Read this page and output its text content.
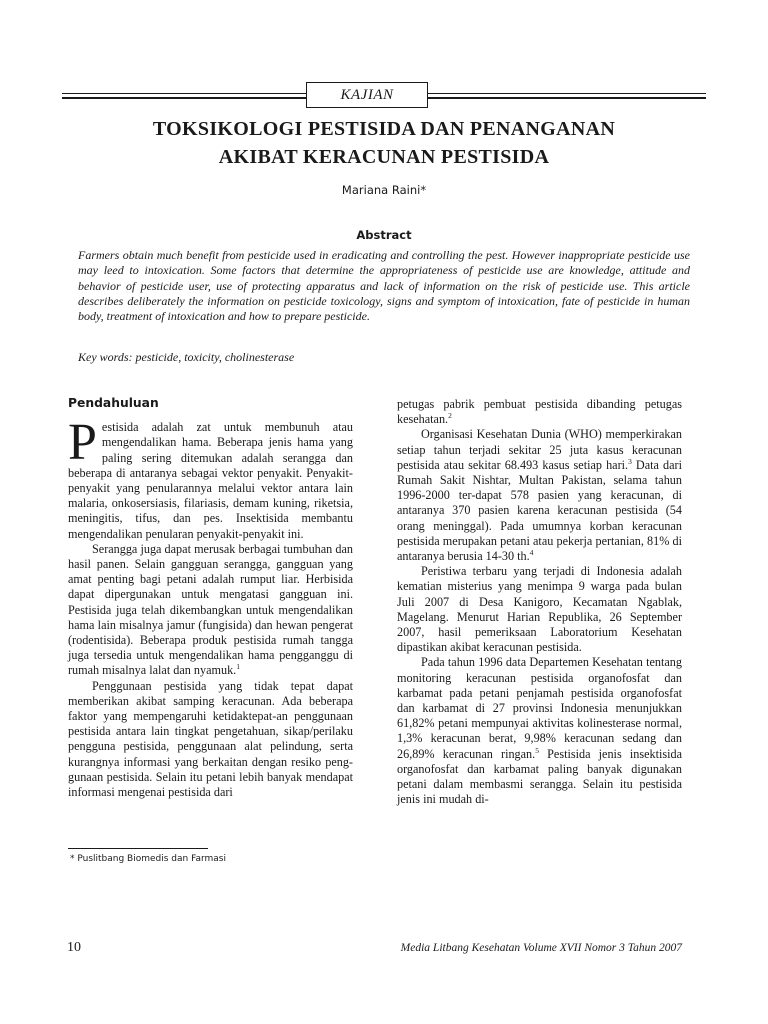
KAJIAN
TOKSIKOLOGI PESTISIDA DAN PENANGANAN
AKIBAT KERACUNAN PESTISIDA
Mariana Raini*
Abstract
Farmers obtain much benefit from pesticide used in eradicating and controlling the pest. However inappropriate pesticide use may leed to intoxication. Some factors that determine the appropriateness of pesticide use are knowledge, attitude and behavior of pesticide user, use of protecting apparatus and lack of information on the risk of pesticide use. This article describes deliberately the information on pesticide toxicology, signs and symptom of intoxication, fate of pesticide in human body, treatment of intoxication and how to prepare pesticide.
Key words: pesticide, toxicity, cholinesterase
Pendahuluan

Pestisida adalah zat untuk membunuh atau mengendalikan hama. Beberapa jenis hama yang paling sering ditemukan adalah serangga dan beberapa di antaranya sebagai vektor penyakit. Penyakit-penyakit yang penularannya melalui vektor antara lain malaria, onkosersiasis, filariasis, demam kuning, riketsia, meningitis, tifus, dan pes. Insektisida membantu mengendalikan penularan penyakit-penyakit ini.

Serangga juga dapat merusak berbagai tumbuhan dan hasil panen. Selain gangguan serangga, gangguan yang amat penting bagi petani adalah rumput liar. Herbisida dapat dipergunakan untuk mengatasi gangguan ini. Pestisida juga telah dikembangkan untuk mengendalikan hama lain misalnya jamur (fungisida) dan hewan pengerat (rodentisida). Beberapa produk pestisida rumah tangga juga tersedia untuk mengendalikan hama pengganggu di rumah misalnya lalat dan nyamuk.$^1$

Penggunaan pestisida yang tidak tepat dapat memberikan akibat samping keracunan. Ada beberapa faktor yang mempengaruhi ketidaktepat-an penggunaan pestisida antara lain tingkat pengetahuan, sikap/perilaku pengguna pestisida, penggunaan alat pelindung, serta kurangnya informasi yang berkaitan dengan resiko peng-gunaan pestisida. Selain itu petani lebih banyak mendapat informasi mengenai pestisida dari

petugas pabrik pembuat pestisida dibanding petugas kesehatan.$^2$

Organisasi Kesehatan Dunia (WHO) memperkirakan setiap tahun terjadi sekitar 25 juta kasus keracunan pestisida atau sekitar 68.493 kasus setiap hari.$^3$ Data dari Rumah Sakit Nishtar, Multan Pakistan, selama tahun 1996-2000 ter-dapat 578 pasien yang keracunan, di antaranya 370 pasien karena keracunan pestisida (54 orang meninggal). Pada umumnya korban keracunan pestisida merupakan petani atau pekerja pertanian, 81% di antaranya berusia 14-30 th.$^4$

Peristiwa terbaru yang terjadi di Indonesia adalah kematian misterius yang menimpa 9 warga pada bulan Juli 2007 di Desa Kanigoro, Kecamatan Ngablak, Magelang. Menurut Harian Republika, 26 September 2007, hasil pemeriksaan Laboratorium Kesehatan dipastikan akibat keracunan pestisida.

Pada tahun 1996 data Departemen Kesehatan tentang monitoring keracunan pestisida organofosfat dan karbamat pada petani penjamah pestisida organofosfat dan karbamat di 27 provinsi Indonesia menunjukkan 61,82% petani mempunyai aktivitas kolinesterase normal, 1,3% keracunan berat, 9,98% keracunan sedang dan 26,89% keracunan ringan.$^5$ Pestisida jenis insektisida organofosfat dan karbamat paling banyak digunakan petani dalam membasmi serangga. Selain itu pestisida jenis ini mudah di-

* Puslitbang Biomedis dan Farmasi
10	Media Litbang Kesehatan Volume XVII Nomor 3 Tahun 2007
